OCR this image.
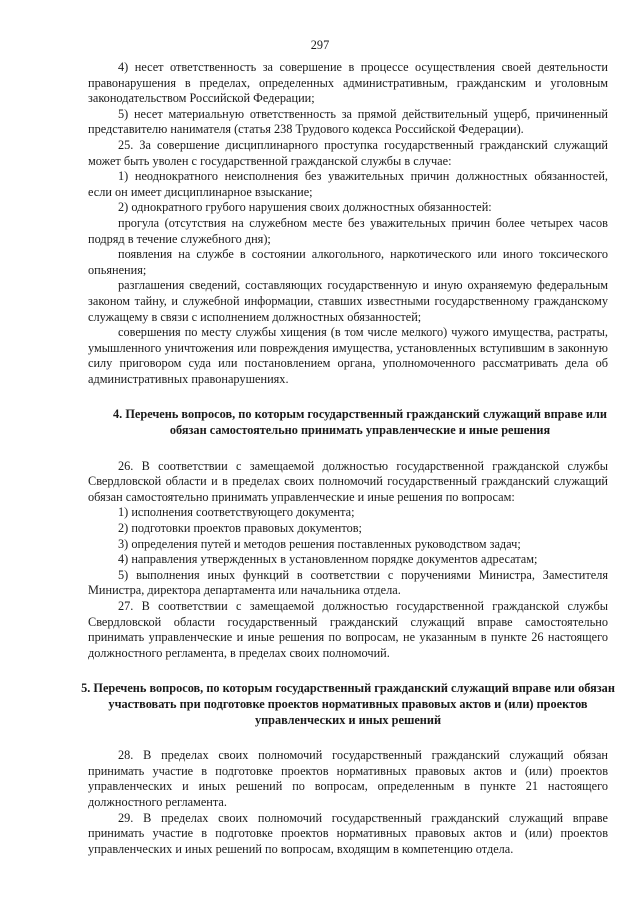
297

4) несет ответственность за совершение в процессе осуществления своей деятельности правонарушения в пределах, определенных административным, гражданским и уголовным законодательством Российской Федерации;

5) несет материальную ответственность за прямой действительный ущерб, причиненный представителю нанимателя (статья 238 Трудового кодекса Российской Федерации).

25. За совершение дисциплинарного проступка государственный гражданский служащий может быть уволен с государственной гражданской службы в случае:

1) неоднократного неисполнения без уважительных причин должностных обязанностей, если он имеет дисциплинарное взыскание;

2) однократного грубого нарушения своих должностных обязанностей:

прогула (отсутствия на служебном месте без уважительных причин более четырех часов подряд в течение служебного дня);

появления на службе в состоянии алкогольного, наркотического или иного токсического опьянения;

разглашения сведений, составляющих государственную и иную охраняемую федеральным законом тайну, и служебной информации, ставших известными государственному гражданскому служащему в связи с исполнением должностных обязанностей;

совершения по месту службы хищения (в том числе мелкого) чужого имущества, растраты, умышленного уничтожения или повреждения имущества, установленных вступившим в законную силу приговором суда или постановлением органа, уполномоченного рассматривать дела об административных правонарушениях.

4. Перечень вопросов, по которым государственный гражданский служащий вправе или обязан самостоятельно принимать управленческие и иные решения

26. В соответствии с замещаемой должностью государственной гражданской службы Свердловской области и в пределах своих полномочий государственный гражданский служащий обязан самостоятельно принимать управленческие и иные решения по вопросам:

1) исполнения соответствующего документа;

2) подготовки проектов правовых документов;

3) определения путей и методов решения поставленных руководством задач;

4) направления утвержденных в установленном порядке документов адресатам;

5) выполнения иных функций в соответствии с поручениями Министра, Заместителя Министра, директора департамента или начальника отдела.

27. В соответствии с замещаемой должностью государственной гражданской службы Свердловской области государственный гражданский служащий вправе самостоятельно принимать управленческие и иные решения по вопросам, не указанным в пункте 26 настоящего должностного регламента, в пределах своих полномочий.

5. Перечень вопросов, по которым государственный гражданский служащий вправе или обязан участвовать при подготовке проектов нормативных правовых актов и (или) проектов управленческих и иных решений

28. В пределах своих полномочий государственный гражданский служащий обязан принимать участие в подготовке проектов нормативных правовых актов и (или) проектов управленческих и иных решений по вопросам, определенным в пункте 21 настоящего должностного регламента.

29. В пределах своих полномочий государственный гражданский служащий вправе принимать участие в подготовке проектов нормативных правовых актов и (или) проектов управленческих и иных решений по вопросам, входящим в компетенцию отдела.
